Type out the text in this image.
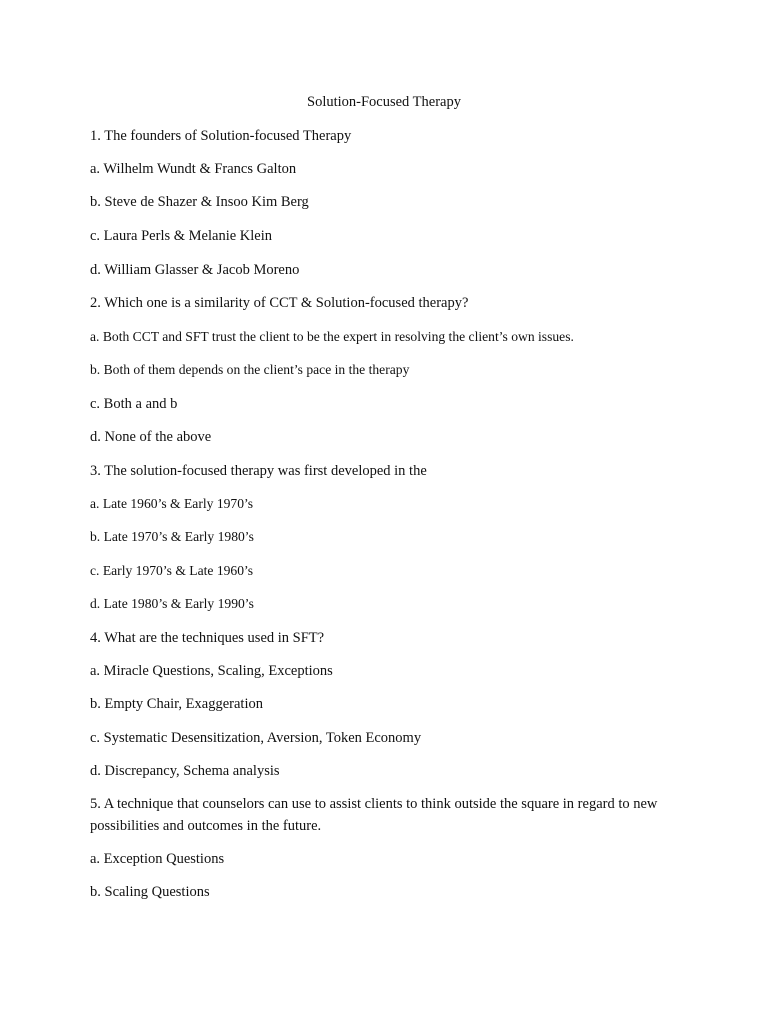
Solution-Focused Therapy
1. The founders of Solution-focused Therapy
a. Wilhelm Wundt & Francs Galton
b. Steve de Shazer & Insoo Kim Berg
c. Laura Perls & Melanie Klein
d. William Glasser & Jacob Moreno
2. Which one is a similarity of CCT & Solution-focused therapy?
a. Both CCT and SFT trust the client to be the expert in resolving the client’s own issues.
b. Both of them depends on the client’s pace in the therapy
c. Both a and b
d. None of the above
3. The solution-focused therapy was first developed in the
a. Late 1960’s & Early 1970’s
b. Late 1970’s & Early 1980’s
c. Early 1970’s & Late 1960’s
d. Late 1980’s & Early 1990’s
4. What are the techniques used in SFT?
a. Miracle Questions, Scaling, Exceptions
b. Empty Chair, Exaggeration
c. Systematic Desensitization, Aversion, Token Economy
d. Discrepancy, Schema analysis
5. A technique that counselors can use to assist clients to think outside the square in regard to new possibilities and outcomes in the future.
a. Exception Questions
b. Scaling Questions
